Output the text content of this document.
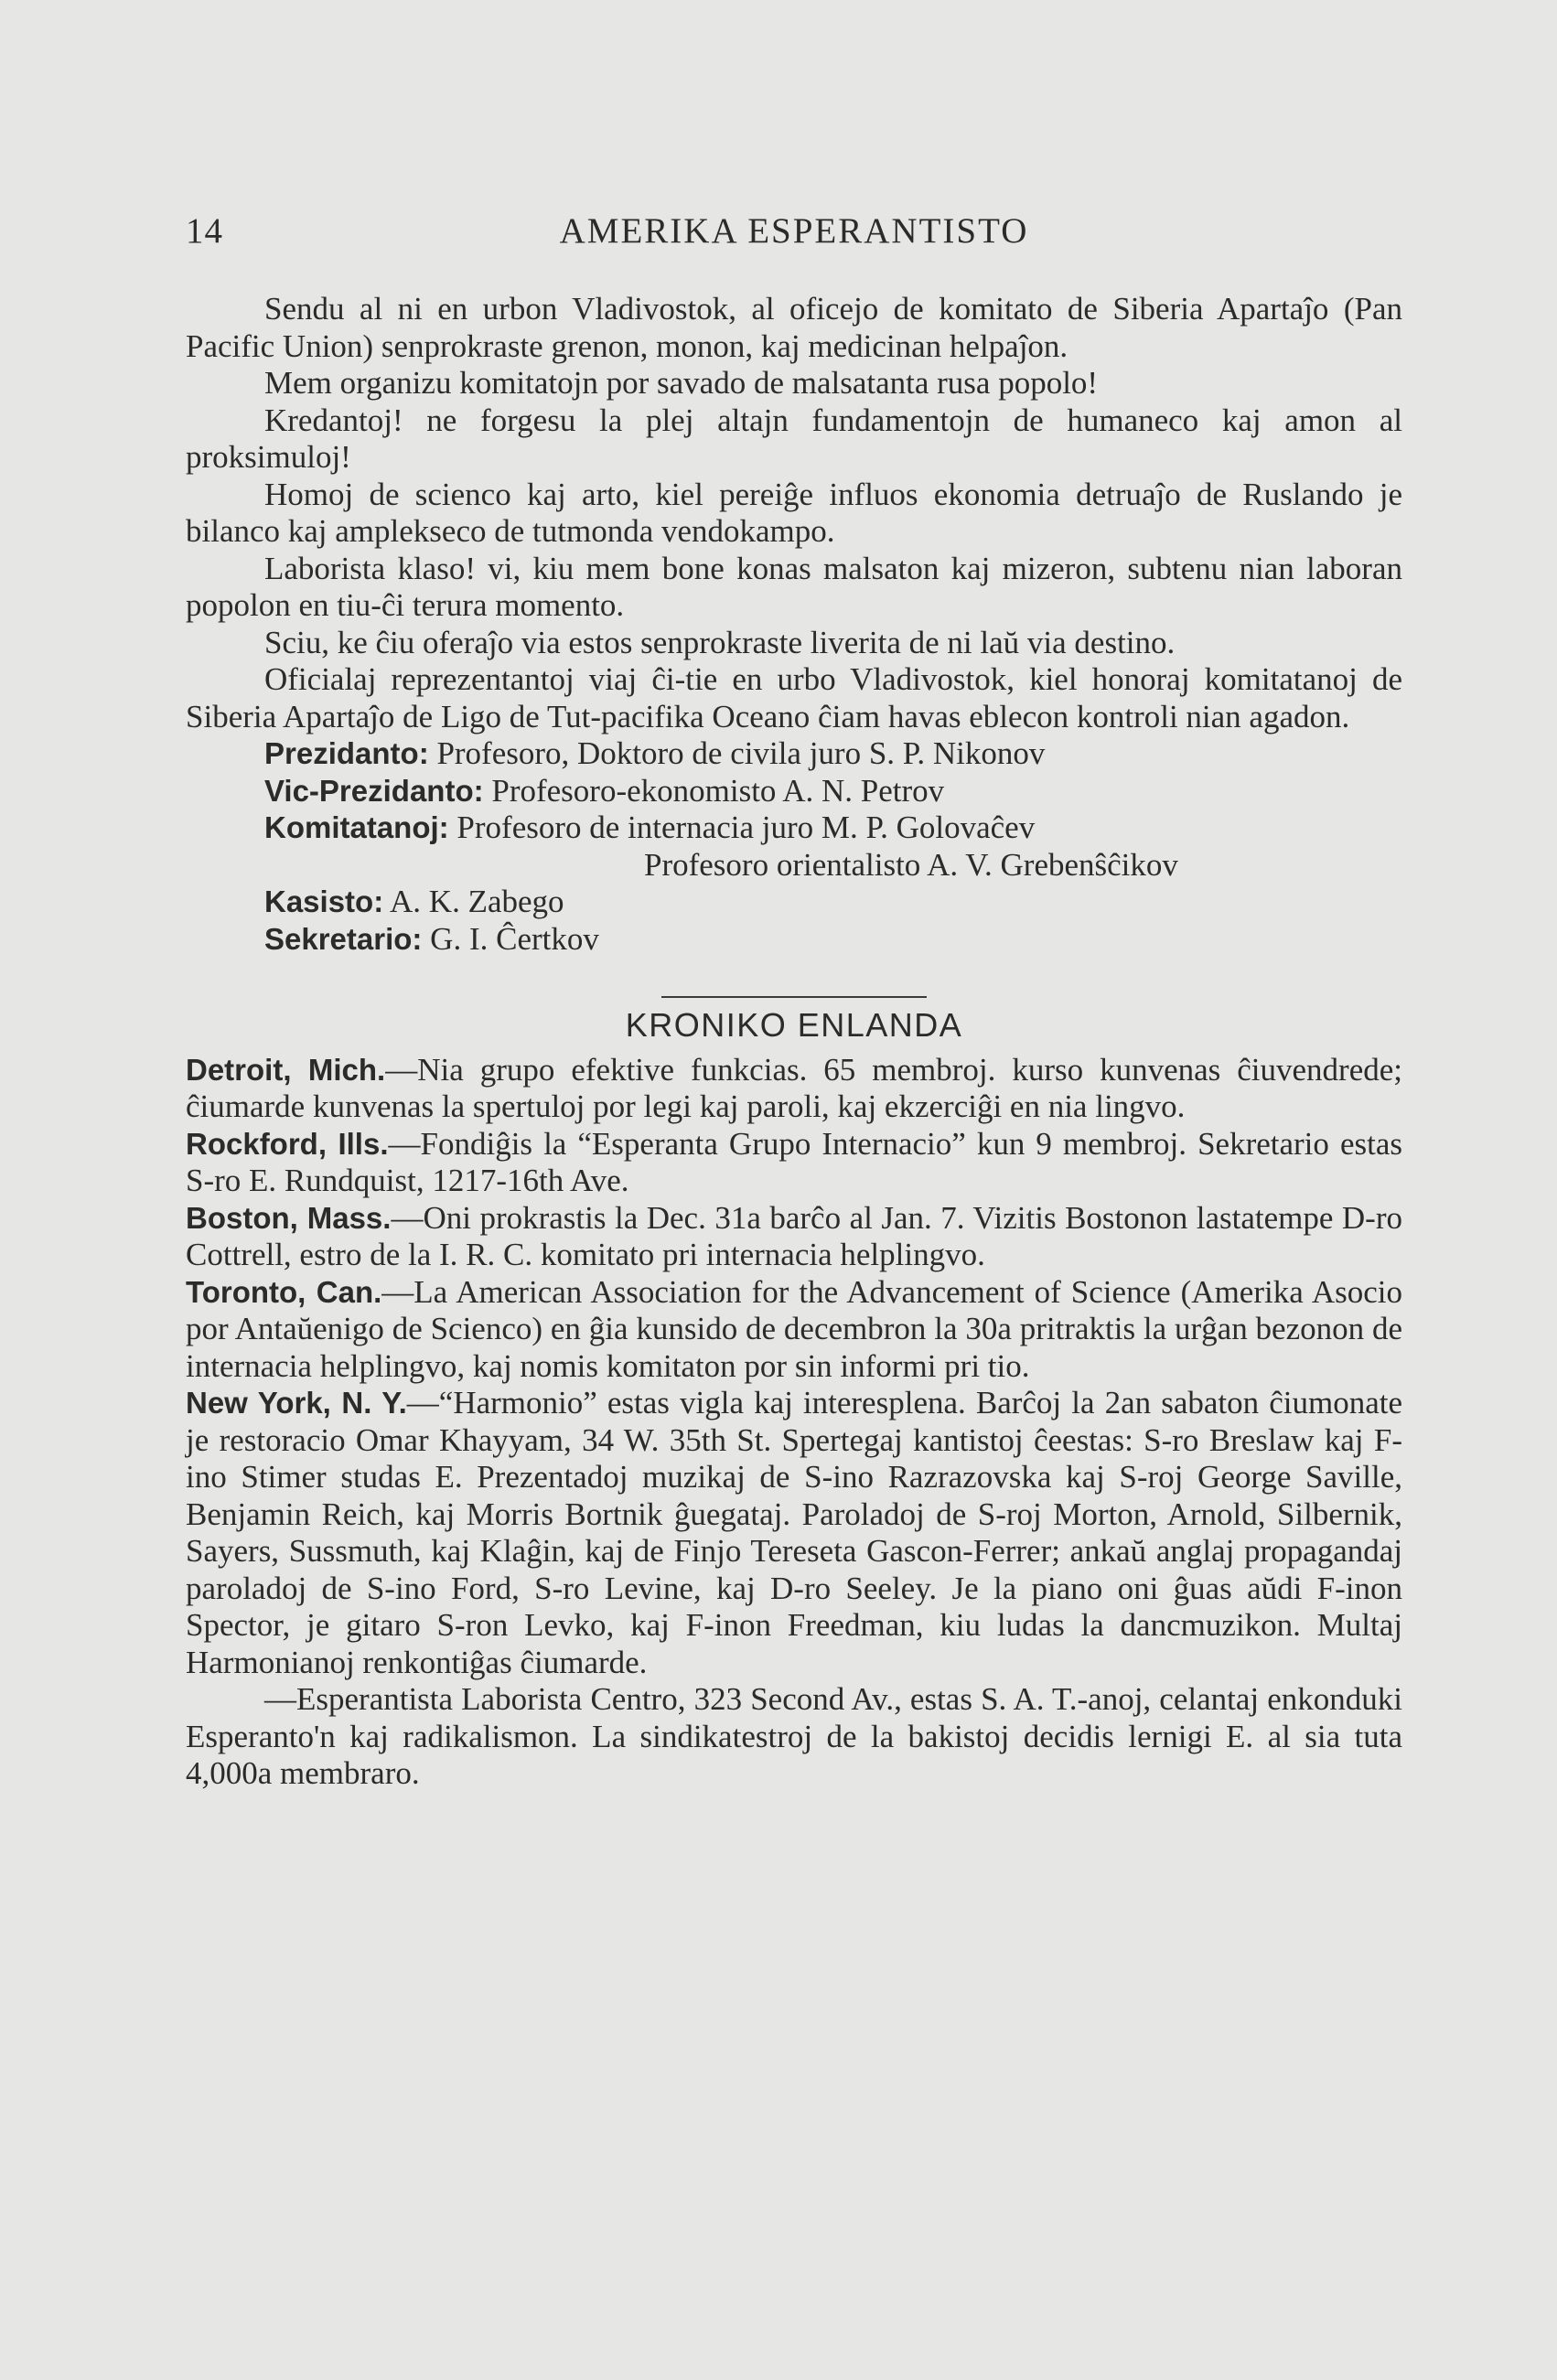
14	AMERIKA ESPERANTISTO

Sendu al ni en urbon Vladivostok, al oficejo de komitato de Siberia Apartaĵo (Pan Pacific Union) senprokraste grenon, monon, kaj medicinan helpaĵon.

Mem organizu komitatojn por savado de malsatanta rusa popolo!

Kredantoj! ne forgesu la plej altajn fundamentojn de humaneco kaj amon al proksimuloj!

Homoj de scienco kaj arto, kiel pereiĝe influos ekonomia detruaĵo de Ruslando je bilanco kaj amplekseco de tutmonda vendokampo.

Laborista klaso! vi, kiu mem bone konas malsaton kaj mizeron, subtenu nian laboran popolon en tiu-ĉi terura momento.

Sciu, ke ĉiu oferaĵo via estos senprokraste liverita de ni laŭ via destino.

Oficialaj reprezentantoj viaj ĉi-tie en urbo Vladivostok, kiel honoraj komitatanoj de Siberia Apartaĵo de Ligo de Tut-pacifika Oceano ĉiam havas eblecon kontroli nian agadon.

Prezidanto: Profesoro, Doktoro de civila juro S. P. Nikonov

Vic-Prezidanto: Profesoro-ekonomisto A. N. Petrov

Komitatanoj: Profesoro de internacia juro M. P. Golovaĉev

Profesoro orientalisto A. V. Grebenŝĉikov

Kasisto: A. K. Zabego

Sekretario: G. I. Ĉertkov

KRONIKO ENLANDA

Detroit, Mich.—Nia grupo efektive funkcias. 65 membroj. kurso kunvenas ĉiuvendrede; ĉiumarde kunvenas la spertuloj por legi kaj paroli, kaj ekzerciĝi en nia lingvo.

Rockford, Ills.—Fondiĝis la “Esperanta Grupo Internacio” kun 9 membroj. Sekretario estas S-ro E. Rundquist, 1217-16th Ave.

Boston, Mass.—Oni prokrastis la Dec. 31a barĉo al Jan. 7. Vizitis Bostonon lastatempe D-ro Cottrell, estro de la I. R. C. komitato pri internacia helplingvo.

Toronto, Can.—La American Association for the Advancement of Science (Amerika Asocio por Antaŭenigo de Scienco) en ĝia kunsido de decembron la 30a pritraktis la urĝan bezonon de internacia helplingvo, kaj nomis komitaton por sin informi pri tio.

New York, N. Y.—“Harmonio” estas vigla kaj interesplena. Barĉoj la 2an sabaton ĉiumonate je restoracio Omar Khayyam, 34 W. 35th St. Spertegaj kantistoj ĉeestas: S-ro Breslaw kaj F-ino Stimer studas E. Prezentadoj muzikaj de S-ino Razrazovska kaj S-roj George Saville, Benjamin Reich, kaj Morris Bortnik ĝuegataj. Paroladoj de S-roj Morton, Arnold, Silbernik, Sayers, Sussmuth, kaj Klaĝin, kaj de Finjo Tereseta Gascon-Ferrer; ankaŭ anglaj propagandaj paroladoj de S-ino Ford, S-ro Levine, kaj D-ro Seeley. Je la piano oni ĝuas aŭdi F-inon Spector, je gitaro S-ron Levko, kaj F-inon Freedman, kiu ludas la dancmuzikon. Multaj Harmonianoj renkontiĝas ĉiumarde.

—Esperantista Laborista Centro, 323 Second Av., estas S. A. T.-anoj, celantaj enkonduki Esperanto'n kaj radikalismon. La sindikatestroj de la bakistoj decidis lernigi E. al sia tuta 4,000a membraro.
